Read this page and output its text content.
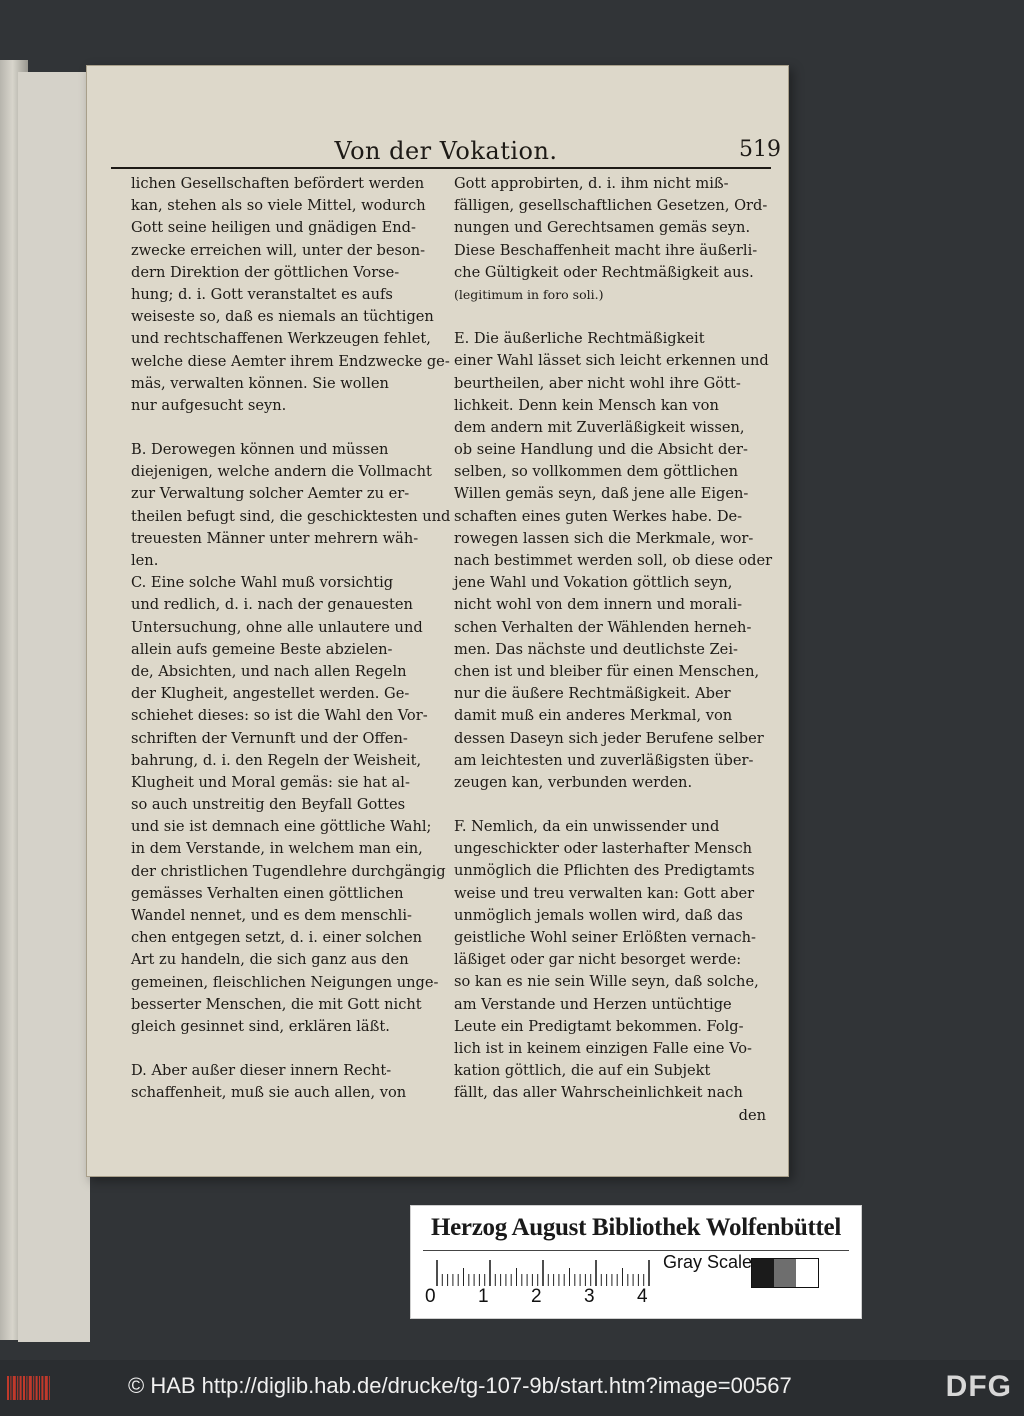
Von der Vokation.	519
lichen Gesellschaften befördert werden
kan, stehen als so viele Mittel, wodurch
Gott seine heiligen und gnädigen End-
zwecke erreichen will, unter der beson-
dern Direktion der göttlichen Vorse-
hung; d. i. Gott veranstaltet es aufs
weiseste so, daß es niemals an tüchtigen
und rechtschaffenen Werkzeugen fehlet,
welche diese Aemter ihrem Endzwecke ge-
mäs, verwalten können. Sie wollen
nur aufgesucht seyn.
B. Derowegen können und müssen
diejenigen, welche andern die Vollmacht
zur Verwaltung solcher Aemter zu er-
theilen befugt sind, die geschicktesten und
treuesten Männer unter mehrern wäh-
len.
C. Eine solche Wahl muß vorsichtig
und redlich, d. i. nach der genauesten
Untersuchung, ohne alle unlautere und
allein aufs gemeine Beste abzielen-
de, Absichten, und nach allen Regeln
der Klugheit, angestellet werden. Ge-
schiehet dieses: so ist die Wahl den Vor-
schriften der Vernunft und der Offen-
bahrung, d. i. den Regeln der Weisheit,
Klugheit und Moral gemäs: sie hat al-
so auch unstreitig den Beyfall Gottes
und sie ist demnach eine göttliche Wahl;
in dem Verstande, in welchem man ein,
der christlichen Tugendlehre durchgängig
gemässes Verhalten einen göttlichen
Wandel nennet, und es dem menschli-
chen entgegen setzt, d. i. einer solchen
Art zu handeln, die sich ganz aus den
gemeinen, fleischlichen Neigungen unge-
besserter Menschen, die mit Gott nicht
gleich gesinnet sind, erklären läßt.
D. Aber außer dieser innern Recht-
schaffenheit, muß sie auch allen, von
Gott approbirten, d. i. ihm nicht miß-
fälligen, gesellschaftlichen Gesetzen, Ord-
nungen und Gerechtsamen gemäs seyn.
Diese Beschaffenheit macht ihre äußerli-
che Gültigkeit oder Rechtmäßigkeit aus.
(legitimum in foro soli.)
E. Die äußerliche Rechtmäßigkeit
einer Wahl lässet sich leicht erkennen und
beurtheilen, aber nicht wohl ihre Gött-
lichkeit. Denn kein Mensch kan von
dem andern mit Zuverläßigkeit wissen,
ob seine Handlung und die Absicht der-
selben, so vollkommen dem göttlichen
Willen gemäs seyn, daß jene alle Eigen-
schaften eines guten Werkes habe. De-
rowegen lassen sich die Merkmale, wor-
nach bestimmet werden soll, ob diese oder
jene Wahl und Vokation göttlich seyn,
nicht wohl von dem innern und morali-
schen Verhalten der Wählenden herneh-
men. Das nächste und deutlichste Zei-
chen ist und bleiber für einen Menschen,
nur die äußere Rechtmäßigkeit. Aber
damit muß ein anderes Merkmal, von
dessen Daseyn sich jeder Berufene selber
am leichtesten und zuverläßigsten über-
zeugen kan, verbunden werden.
F. Nemlich, da ein unwissender und
ungeschickter oder lasterhafter Mensch
unmöglich die Pflichten des Predigtamts
weise und treu verwalten kan: Gott aber
unmöglich jemals wollen wird, daß das
geistliche Wohl seiner Erlößten vernach-
läßiget oder gar nicht besorget werde:
so kan es nie sein Wille seyn, daß solche,
am Verstande und Herzen untüchtige
Leute ein Predigtamt bekommen. Folg-
lich ist in keinem einzigen Falle eine Vo-
kation göttlich, die auf ein Subjekt
fällt, das aller Wahrscheinlichkeit nach
den
Herzog August Bibliothek Wolfenbüttel
0 1 2 3 4
Gray Scale
© HAB http://diglib.hab.de/drucke/tg-107-9b/start.htm?image=00567	DFG
